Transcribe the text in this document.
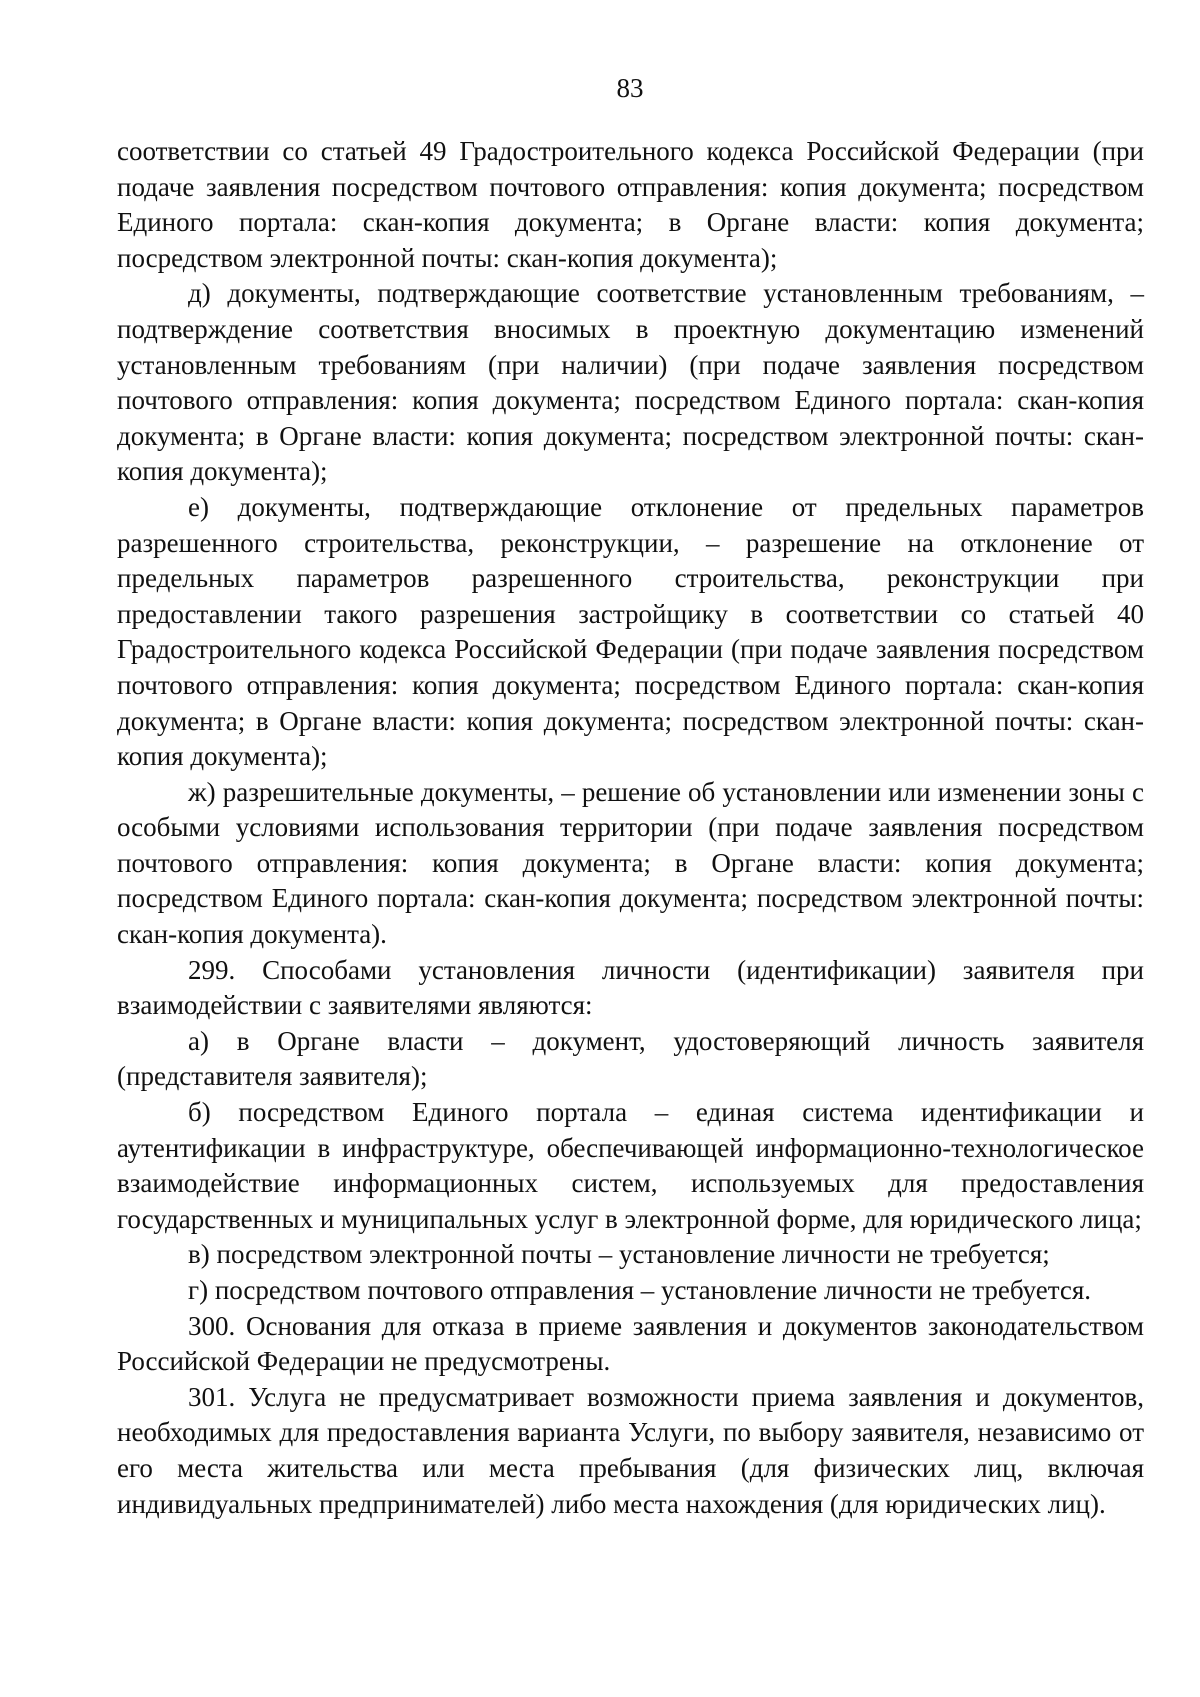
83

соответствии со статьей 49 Градостроительного кодекса Российской Федерации (при подаче заявления посредством почтового отправления: копия документа; посредством Единого портала: скан-копия документа; в Органе власти: копия документа; посредством электронной почты: скан-копия документа);

д) документы, подтверждающие соответствие установленным требованиям, – подтверждение соответствия вносимых в проектную документацию изменений установленным требованиям (при наличии) (при подаче заявления посредством почтового отправления: копия документа; посредством Единого портала: скан-копия документа; в Органе власти: копия документа; посредством электронной почты: скан-копия документа);

е) документы, подтверждающие отклонение от предельных параметров разрешенного строительства, реконструкции, – разрешение на отклонение от предельных параметров разрешенного строительства, реконструкции при предоставлении такого разрешения застройщику в соответствии со статьей 40 Градостроительного кодекса Российской Федерации (при подаче заявления посредством почтового отправления: копия документа; посредством Единого портала: скан-копия документа; в Органе власти: копия документа; посредством электронной почты: скан-копия документа);

ж) разрешительные документы, – решение об установлении или изменении зоны с особыми условиями использования территории (при подаче заявления посредством почтового отправления: копия документа; в Органе власти: копия документа; посредством Единого портала: скан-копия документа; посредством электронной почты: скан-копия документа).

299. Способами установления личности (идентификации) заявителя при взаимодействии с заявителями являются:

а) в Органе власти – документ, удостоверяющий личность заявителя (представителя заявителя);

б) посредством Единого портала – единая система идентификации и аутентификации в инфраструктуре, обеспечивающей информационно-технологическое взаимодействие информационных систем, используемых для предоставления государственных и муниципальных услуг в электронной форме, для юридического лица;

в) посредством электронной почты – установление личности не требуется;

г) посредством почтового отправления – установление личности не требуется.

300. Основания для отказа в приеме заявления и документов законодательством Российской Федерации не предусмотрены.

301. Услуга не предусматривает возможности приема заявления и документов, необходимых для предоставления варианта Услуги, по выбору заявителя, независимо от его места жительства или места пребывания (для физических лиц, включая индивидуальных предпринимателей) либо места нахождения (для юридических лиц).
